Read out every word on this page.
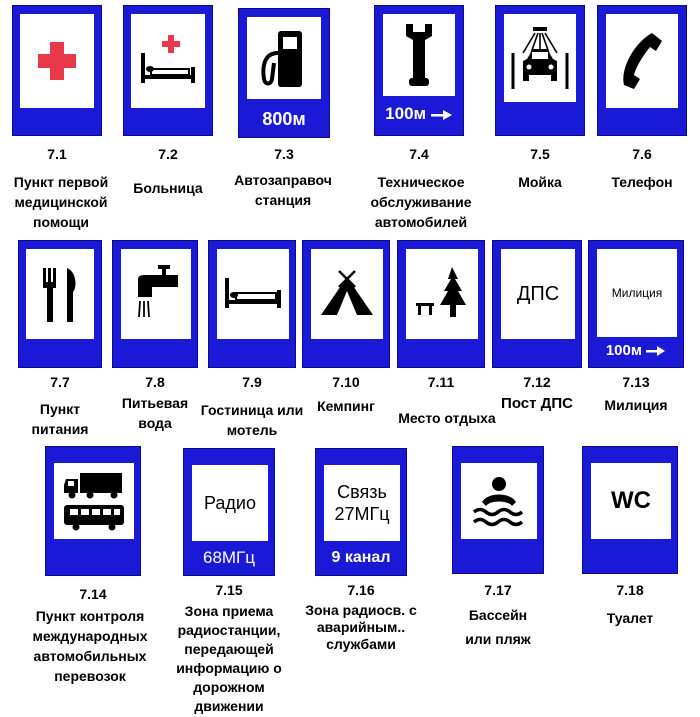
7.1
Пункт первой медицинской помощи
7.2
Больница
800м
7.3
Автозаправоч станция
100м
7.4
Техническое обслуживание автомобилей
7.5
Мойка
7.6
Телефон
7.7
Пункт питания
7.8
Питьевая вода
7.9
Гостиница или мотель
7.10
Кемпинг
7.11
Место отдыха
ДПС
7.12
Пост ДПС
Милиция
100м
7.13
Милиция
7.14
Пункт контроля международных автомобильных перевозок
Радио
68МГц
7.15
Зона приема радиостанции, передающей информацию о дорожном движении
Связь
27МГц
9 канал
7.16
Зона радиосв. с аварийным.. службами
7.17
Бассейн или пляж
WC
7.18
Туалет
